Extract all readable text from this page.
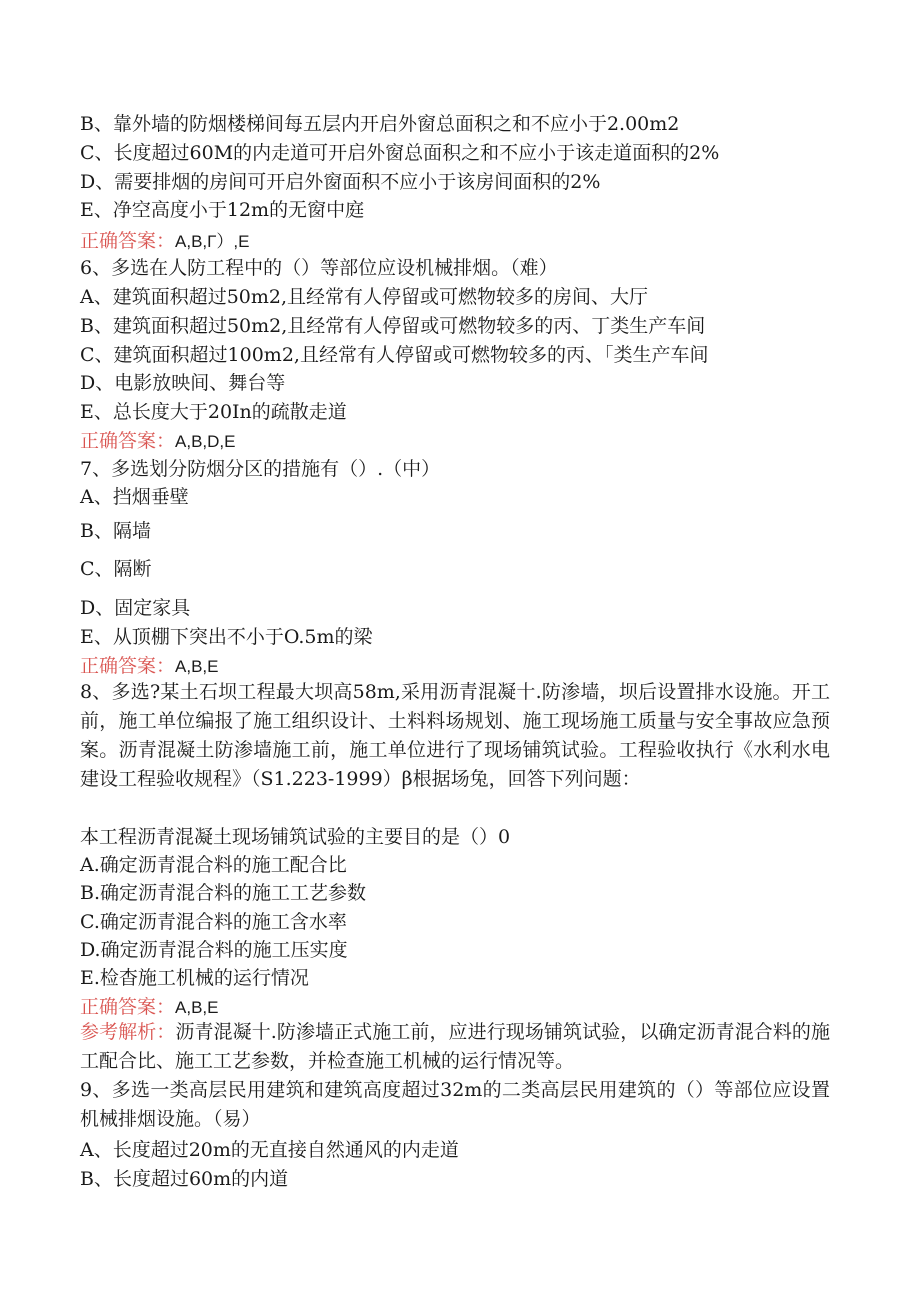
B、靠外墙的防烟楼梯间每五层内开启外窗总面积之和不应小于2.00m2
C、长度超过60M的内走道可开启外窗总面积之和不应小于该走道面积的2%
D、需要排烟的房间可开启外窗面积不应小于该房间面积的2%
E、净空高度小于12m的无窗中庭
正确答案：A,B,Г）,E
6、多选在人防工程中的（）等部位应设机械排烟。（难）
A、建筑面积超过50m2,且经常有人停留或可燃物较多的房间、大厅
B、建筑面积超过50m2,且经常有人停留或可燃物较多的丙、丁类生产车间
C、建筑面积超过100m2,且经常有人停留或可燃物较多的丙、「类生产车间
D、电影放映间、舞台等
E、总长度大于20In的疏散走道
正确答案：A,B,D,E
7、多选划分防烟分区的措施有（）.（中）
A、挡烟垂壁
B、隔墙
C、隔断
D、固定家具
E、从顶棚下突出不小于O.5m的梁
正确答案：A,B,E
8、多选?某土石坝工程最大坝高58m,采用沥青混凝十.防渗墙，坝后设置排水设施。开工前，施工单位编报了施工组织设计、土料料场规划、施工现场施工质量与安全事故应急预案。沥青混凝土防渗墙施工前，施工单位进行了现场铺筑试验。工程验收执行《水利水电建设工程验收规程》（S1.223-1999）β根据场兔，回答下列问题：
本工程沥青混凝土现场铺筑试验的主要目的是（）0
A.确定沥青混合料的施工配合比
B.确定沥青混合料的施工工艺参数
C.确定沥青混合料的施工含水率
D.确定沥青混合料的施工压实度
E.检杳施工机械的运行情况
正确答案：A,B,E
参考解析：沥青混凝十.防渗墙正式施工前，应进行现场铺筑试验，以确定沥青混合料的施工配合比、施工工艺参数，并检查施工机械的运行情况等。
9、多选一类高层民用建筑和建筑高度超过32m的二类高层民用建筑的（）等部位应设置机械排烟设施。（易）
A、长度超过20m的无直接自然通风的内走道
B、长度超过60m的内道
